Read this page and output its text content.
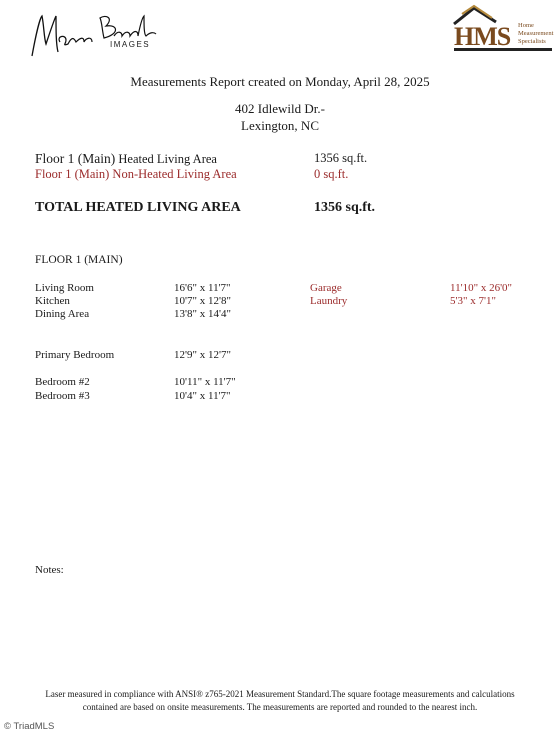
IMAGES	HMS Home
Measurement
Specialists
Measurements Report created on Monday, April 28, 2025
402 Idlewild Dr.-
Lexington, NC
Floor 1 (Main) Heated Living Area	1356 sq.ft.
Floor 1 (Main) Non-Heated Living Area	0 sq.ft.
TOTAL HEATED LIVING AREA	1356 sq.ft.
FLOOR 1 (MAIN)
Living Room	16'6" x 11'7"
Kitchen	10'7" x 12'8"
Dining Area	13'8" x 14'4"
Primary Bedroom	12'9" x 12'7"
Bedroom #2	10'11" x 11'7"
Bedroom #3	10'4" x 11'7"
Garage	11'10" x 26'0"
Laundry	5'3" x 7'1"
Notes:
Laser measured in compliance with ANSI® z765-2021 Measurement Standard.The square footage measurements and calculations
contained are based on onsite measurements. The measurements are reported and rounded to the nearest inch.
© TriadMLS
